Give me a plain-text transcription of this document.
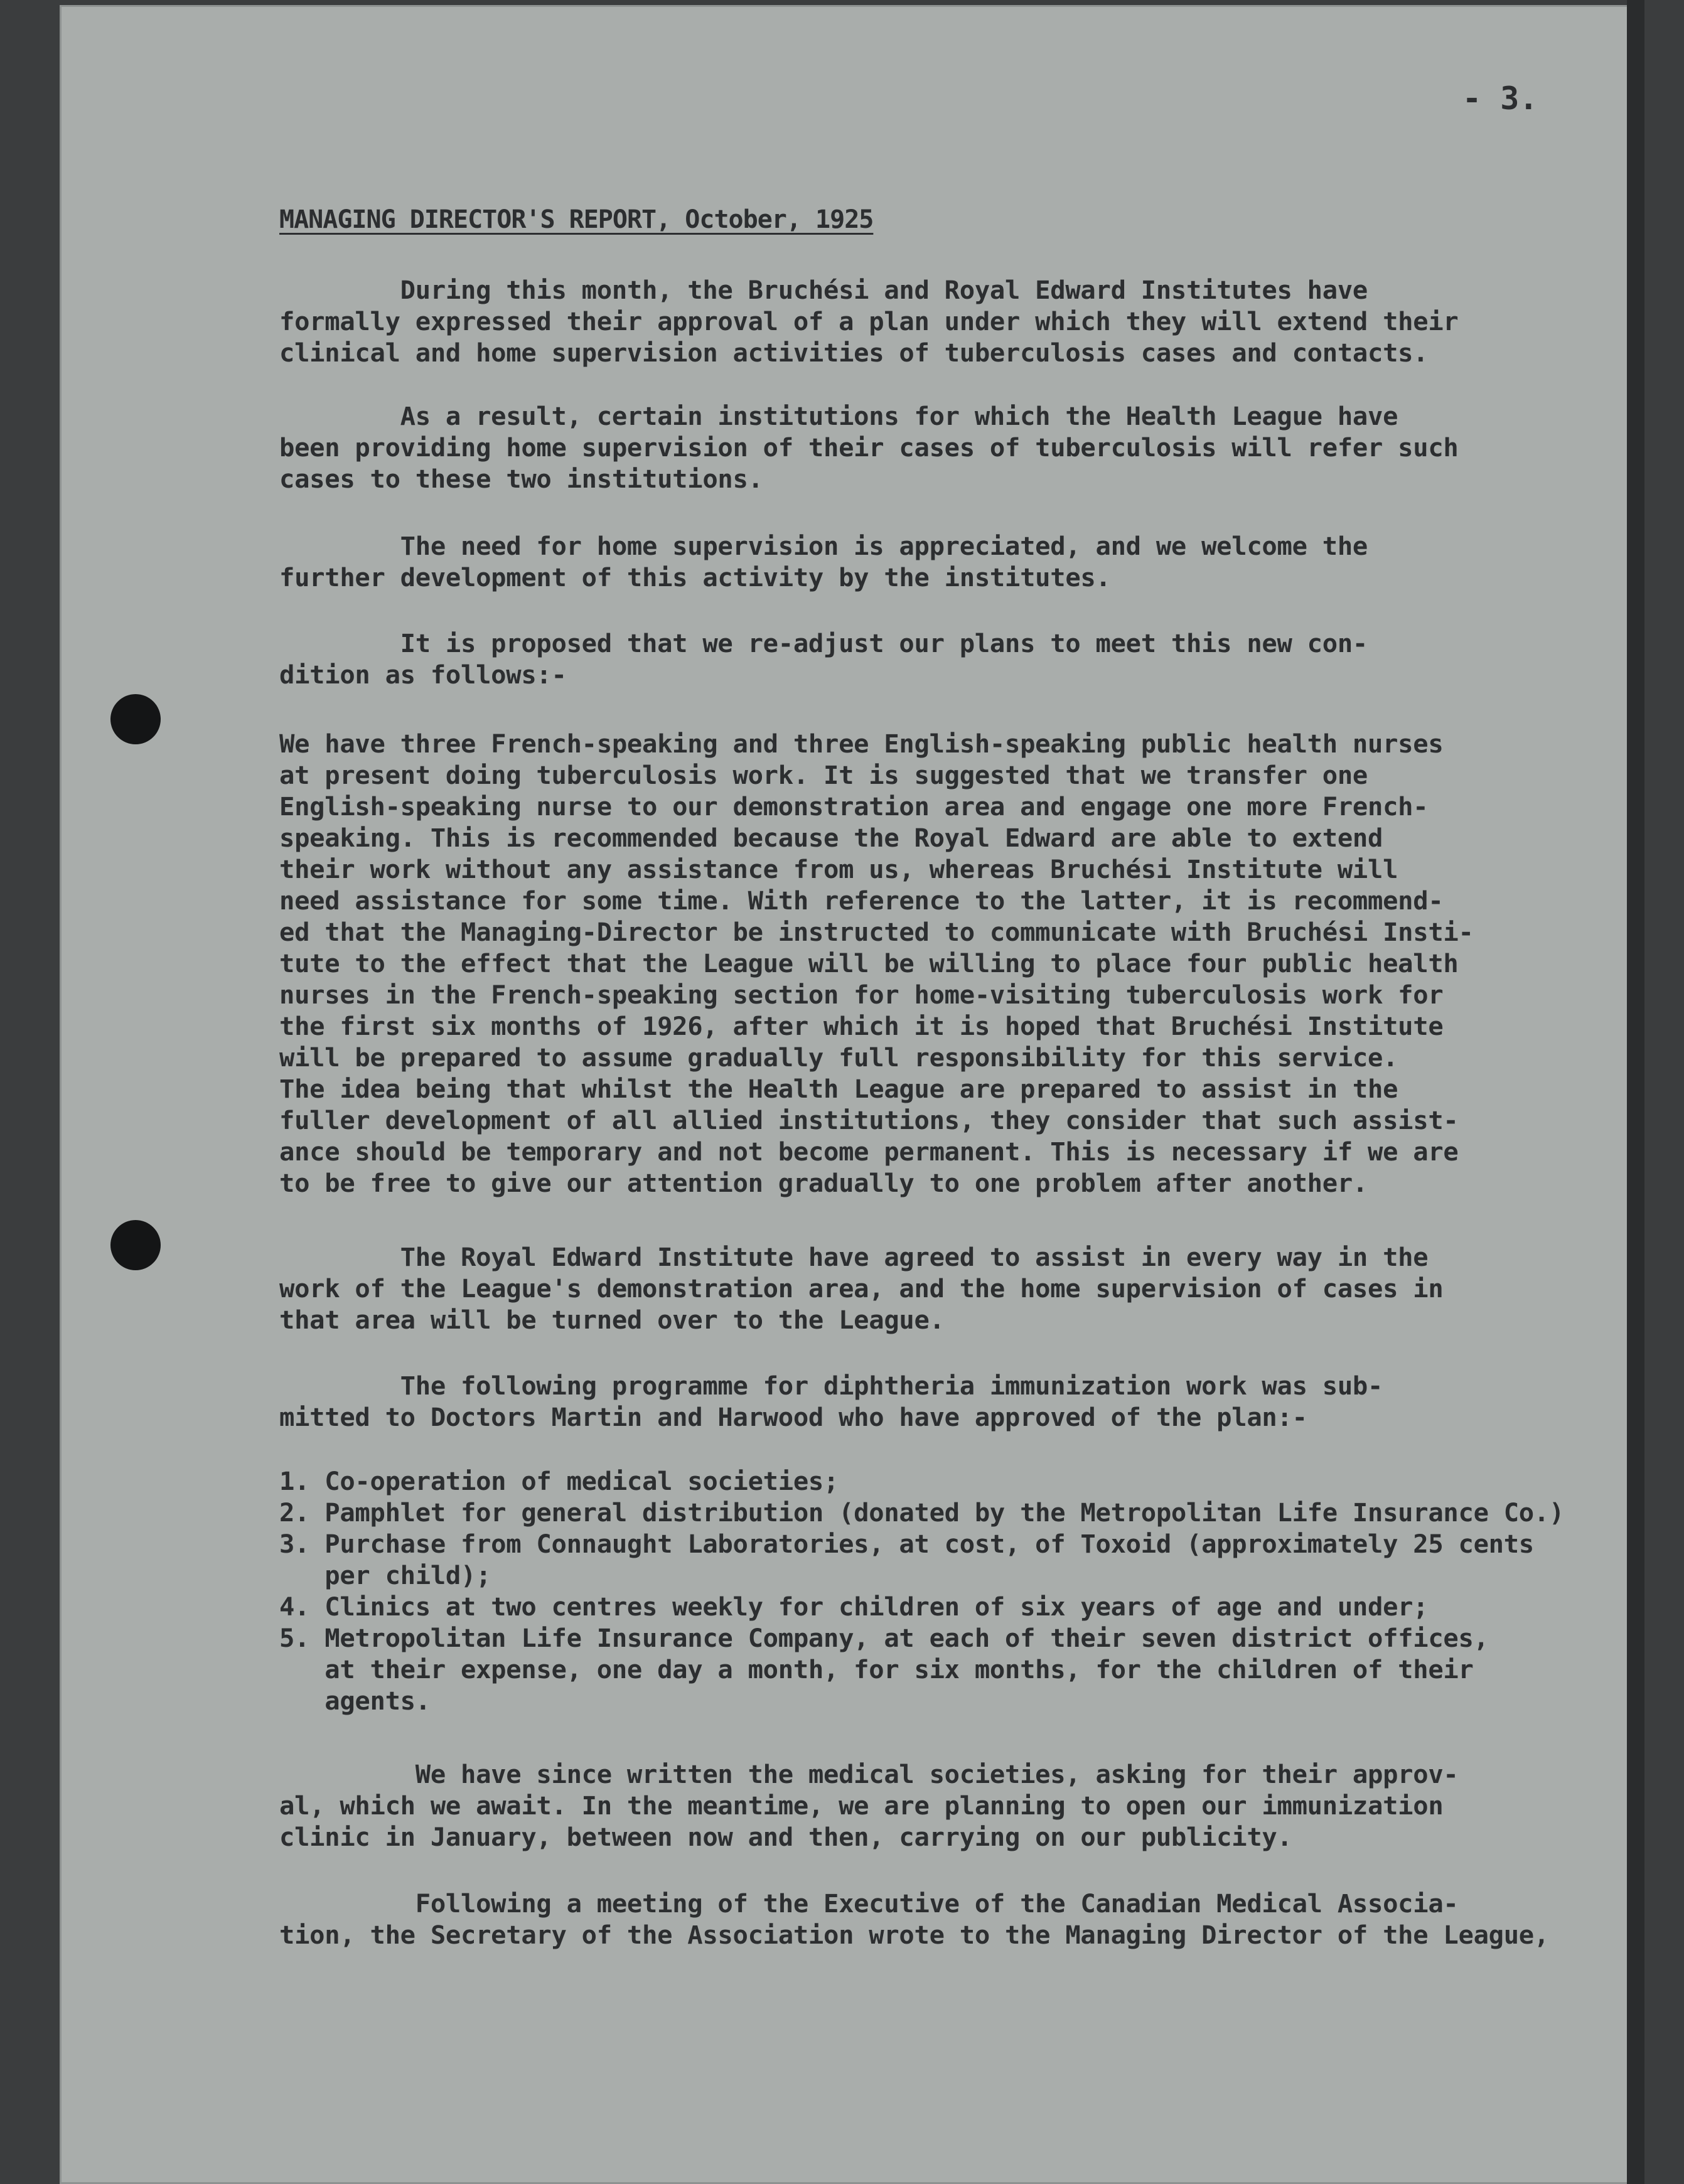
- 3.
MANAGING DIRECTOR'S REPORT, October, 1925
During this month, the Bruchési and Royal Edward Institutes have
formally expressed their approval of a plan under which they will extend their
clinical and home supervision activities of tuberculosis cases and contacts.
As a result, certain institutions for which the Health League have
been providing home supervision of their cases of tuberculosis will refer such
cases to these two institutions.
The need for home supervision is appreciated, and we welcome the
further development of this activity by the institutes.
It is proposed that we re-adjust our plans to meet this new con-
dition as follows:-
We have three French-speaking and three English-speaking public health nurses
at present doing tuberculosis work. It is suggested that we transfer one
English-speaking nurse to our demonstration area and engage one more French-
speaking. This is recommended because the Royal Edward are able to extend
their work without any assistance from us, whereas Bruchési Institute will
need assistance for some time. With reference to the latter, it is recommend-
ed that the Managing-Director be instructed to communicate with Bruchési Insti-
tute to the effect that the League will be willing to place four public health
nurses in the French-speaking section for home-visiting tuberculosis work for
the first six months of 1926, after which it is hoped that Bruchési Institute
will be prepared to assume gradually full responsibility for this service.
The idea being that whilst the Health League are prepared to assist in the
fuller development of all allied institutions, they consider that such assist-
ance should be temporary and not become permanent. This is necessary if we are
to be free to give our attention gradually to one problem after another.
The Royal Edward Institute have agreed to assist in every way in the
work of the League's demonstration area, and the home supervision of cases in
that area will be turned over to the League.
The following programme for diphtheria immunization work was sub-
mitted to Doctors Martin and Harwood who have approved of the plan:-
1. Co-operation of medical societies;
2. Pamphlet for general distribution (donated by the Metropolitan Life Insurance Co.)
3. Purchase from Connaught Laboratories, at cost, of Toxoid (approximately 25 cents
per child);
4. Clinics at two centres weekly for children of six years of age and under;
5. Metropolitan Life Insurance Company, at each of their seven district offices,
at their expense, one day a month, for six months, for the children of their
agents.
We have since written the medical societies, asking for their approv-
al, which we await. In the meantime, we are planning to open our immunization
clinic in January, between now and then, carrying on our publicity.
Following a meeting of the Executive of the Canadian Medical Associa-
tion, the Secretary of the Association wrote to the Managing Director of the League,
